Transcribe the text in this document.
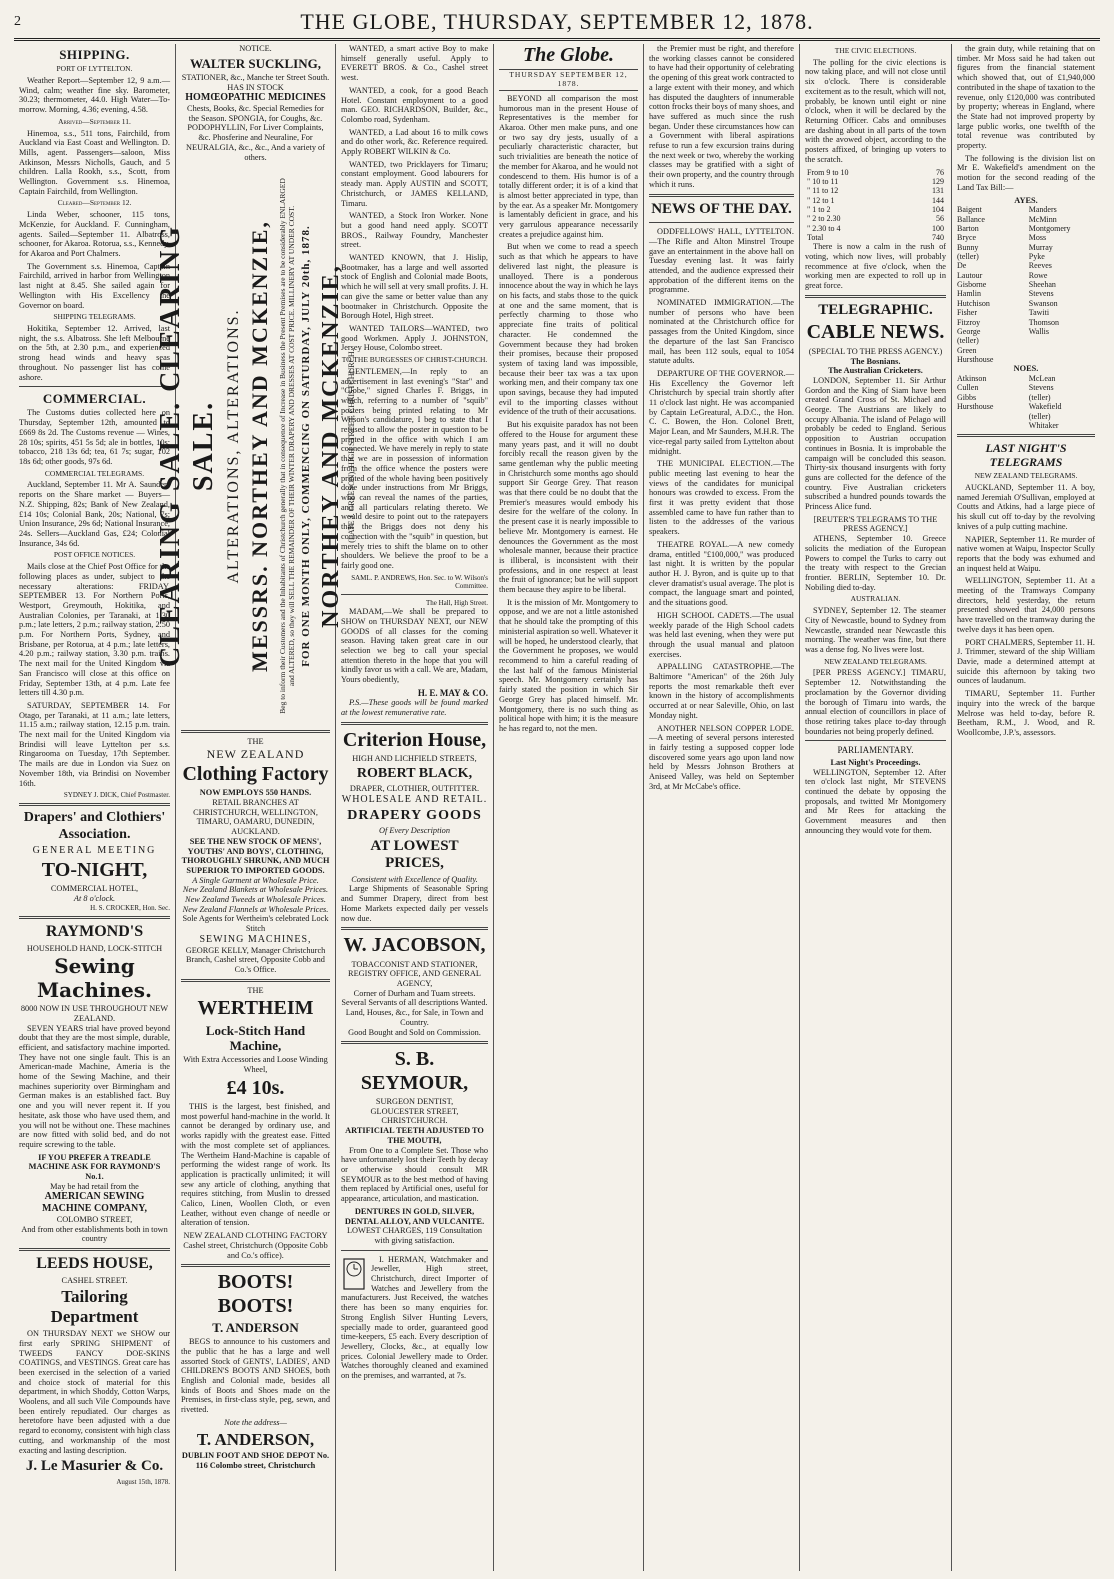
2	THE GLOBE, THURSDAY, SEPTEMBER 12, 1878.
SHIPPING.
PORT OF LYTTELTON.
Weather Report—September 12, 9 a.m.—Wind, calm; weather fine sky. Barometer, 30.23; thermometer, 44.0. High Water—To-morrow. Morning, 4.36; evening, 4.58.
Arrived—September 11.
Hinemoa, s.s., 511 tons, Fairchild, from Auckland via East Coast and Wellington. D. Mills, agent. Passengers—saloon, Miss Atkinson, Messrs Nicholls, Gauch, and 5 children. Lalla Rookh, s.s., Scott, from Wellington. Government s.s. Hinemoa, Captain Fairchild, from Wellington.
Cleared—September 12.
Linda Weber, schooner, 115 tons, McKenzie, for Auckland. F. Cunningham, agents. Sailed—September 11. Albatross, schooner, for Akaroa. Rotorua, s.s., Kennedy, for Akaroa and Port Chalmers.
The Government s.s. Hinemoa, Captain Fairchild, arrived in harbor from Wellington last night at 8.45. She sailed again for Wellington with His Excellency the Governor on board.
SHIPPING TELEGRAMS.
Hokitika, September 12. Arrived, last night, the s.s. Albatross. She left Melbourne on the 5th, at 2.30 p.m., and experienced strong head winds and heavy seas throughout. No passenger list has come ashore.
COMMERCIAL.
The Customs duties collected here on Thursday, September 12th, amounted to £669 8s 2d. The Customs revenue — Wines, 28 10s; spirits, 451 5s 5d; ale in bottles, 10s; tobacco, 218 13s 6d; tea, 61 7s; sugar, 102 18s 6d; other goods, 97s 6d.
COMMERCIAL TELEGRAMS.
Auckland, September 11. Mr A. Saunders reports on the Share market — Buyers—N.Z. Shipping, 82s; Bank of New Zealand, £14 10s; Colonial Bank, 20s; National, 7s; Union Insurance, 29s 6d; National Insurance, 24s. Sellers—Auckland Gas, £24; Colonial Insurance, 34s 6d.
POST OFFICE NOTICES.
Mails close at the Chief Post Office for the following places as under, subject to the necessary alterations: FRIDAY, SEPTEMBER 13. For Northern Ports, Westport, Greymouth, Hokitika, and Australian Colonies, per Taranaki, at 1.30 p.m.; late letters, 2 p.m.; railway station, 2.50 p.m. For Northern Ports, Sydney, and Brisbane, per Rotorua, at 4 p.m.; late letters, 4.20 p.m.; railway station, 3.30 p.m. trains. The next mail for the United Kingdom via San Francisco will close at this office on Friday, September 13th, at 4 p.m. Late fee letters till 4.30 p.m.
SATURDAY, SEPTEMBER 14. For Otago, per Taranaki, at 11 a.m.; late letters, 11.15 a.m.; railway station, 12.15 p.m. train. The next mail for the United Kingdom via Brindisi will leave Lyttelton per s.s. Ringarooma on Tuesday, 17th September. The mails are due in London via Suez on November 18th, via Brindisi on November 16th.
SYDNEY J. DICK, Chief Postmaster.
Drapers' and Clothiers' Association.
GENERAL MEETING
TO-NIGHT,
COMMERCIAL HOTEL,
At 8 o'clock.
H. S. CROCKER, Hon. Sec.
RAYMOND'S
HOUSEHOLD HAND, LOCK-STITCH
Sewing Machines.
8000 NOW IN USE THROUGHOUT NEW ZEALAND.
SEVEN YEARS trial have proved beyond doubt that they are the most simple, durable, efficient, and satisfactory machine imported. They have not one single fault. This is an American-made Machine, Ameria is the home of the Sewing Machine, and their machines superiority over Birmingham and German makes is an established fact. Buy one and you will never repent it. If you hesitate, ask those who have used them, and you will not be without one. These machines are now fitted with solid bed, and do not require screwing to the table.
IF YOU PREFER A TREADLE MACHINE ASK FOR RAYMOND'S No.1.
May be had retail from the
AMERICAN SEWING MACHINE COMPANY,
COLOMBO STREET,
And from other establishments both in town country
LEEDS HOUSE,
CASHEL STREET.
Tailoring Department
ON THURSDAY NEXT we SHOW our first early SPRING SHIPMENT of TWEEDS FANCY DOE-SKINS COATINGS, and VESTINGS. Great care has been exercised in the selection of a varied and choice stock of material for this department, in which Shoddy, Cotton Warps, Woolens, and all such Vile Compounds have been entirely repudiated. Our charges as heretofore have been adjusted with a due regard to economy, consistent with high class cutting, and workmanship of the most exacting and lasting description.
J. Le Masurier & Co.
August 15th, 1878.
NOTICE.
WALTER SUCKLING,
STATIONER, &c., Manche ter Street South.
HAS IN STOCK
HOMŒOPATHIC MEDICINES
Chests, Books, &c. Special Remedies for the Season. SPONGIA, for Coughs, &c. PODOPHYLLIN, For Liver Complaints, &c. Phosferine and Neuraline, For NEURALGIA, &c., &c., And a variety of others.
CLEARING SALE. CLEARING SALE. ALTERATIONS, ALTERATIONS. MESSRS. NORTHEY AND MCKENZIE, Beg to inform their Customers and the Inhabitants of Christchurch generally that in consequence of Increase in Business the Present Premises are to be considerably ENLARGED and ALTERED, so they will SELL THE REMAINDER OF THEIR WINTER DRAPERY AND DRESSES AT COST PRICE. MILLINERY AT UNDER COST. FOR ONE MONTH ONLY, COMMENCING ON SATURDAY, JULY 20th, 1878. NORTHEY AND MCKENZIE, (LATE J. GREESON), HIGH STREET, CHRISTCHURCH.
THE
NEW ZEALAND
Clothing Factory
NOW EMPLOYS 550 HANDS.
RETAIL BRANCHES AT CHRISTCHURCH, WELLINGTON, TIMARU, OAMARU, DUNEDIN, AUCKLAND.
SEE THE NEW STOCK OF MENS', YOUTHS' AND BOYS', CLOTHING, THOROUGHLY SHRUNK, AND MUCH SUPERIOR TO IMPORTED GOODS.
A Single Garment at Wholesale Price.
New Zealand Blankets at Wholesale Prices. New Zealand Tweeds at Wholesale Prices. New Zealand Flannels at Wholesale Prices.
Sole Agents for Wertheim's celebrated Lock Stitch
SEWING MACHINES,
GEORGE KELLY, Manager Christchurch Branch, Cashel street, Opposite Cobb and Co.'s Office.
THE
WERTHEIM
Lock-Stitch Hand Machine,
With Extra Accessories and Loose Winding Wheel,
£4 10s.
THIS is the largest, best finished, and most powerful hand-machine in the world. It cannot be deranged by ordinary use, and works rapidly with the greatest ease. Fitted with the most complete set of appliances. The Wertheim Hand-Machine is capable of performing the widest range of work. Its application is practically unlimited; it will sew any article of clothing, anything that requires stitching, from Muslin to dressed Calico, Linen, Woollen Cloth, or even Leather, without even change of needle or alteration of tension.
NEW ZEALAND CLOTHING FACTORY
Cashel street, Christchurch (Opposite Cobb and Co.'s office).
BOOTS! BOOTS!
T. ANDERSON
BEGS to announce to his customers and the public that he has a large and well assorted Stock of GENTS', LADIES', AND CHILDREN'S BOOTS AND SHOES, both English and Colonial made, besides all kinds of Boots and Shoes made on the Premises, in first-class style, peg, sewn, and rivetted.
Note the address—
T. ANDERSON,
DUBLIN FOOT AND SHOE DEPOT No. 116 Colombo street, Christchurch
WANTED, a smart active Boy to make himself generally useful. Apply to EVERETT BROS. & Co., Cashel street west.
WANTED, a cook, for a good Beach Hotel. Constant employment to a good man. GEO. RICHARDSON, Builder, &c., Colombo road, Sydenham.
WANTED, a Lad about 16 to milk cows and do other work, &c. Reference required. Apply ROBERT WILKIN & Co.
WANTED, two Pricklayers for Timaru; constant employment. Good labourers for steady man. Apply AUSTIN and SCOTT, Christchurch, or JAMES KELLAND, Timaru.
WANTED, a Stock Iron Worker. None but a good hand need apply. SCOTT BROS., Railway Foundry, Manchester street.
WANTED KNOWN, that J. Hislip, Bootmaker, has a large and well assorted stock of English and Colonial made Boots, which he will sell at very small profits. J. H. can give the same or better value than any bootmaker in Christchurch. Opposite the Borough Hotel, High street.
WANTED TAILORS—WANTED, two good Workmen. Apply J. JOHNSTON, Jersey House, Colombo street.
TO THE BURGESSES OF CHRIST-CHURCH.
GENTLEMEN,—In reply to an advertisement in last evening's "Star" and "Globe," signed Charles F. Briggs, in which, referring to a number of "squib" posters being printed relating to Mr Wilson's candidature, I beg to state that I refused to allow the poster in question to be printed in the office with which I am connected. We have merely in reply to state that we are in possession of information from the office whence the posters were printed of the whole having been positively done under instructions from Mr Briggs, who can reveal the names of the parties, and all particulars relating thereto. We would desire to point out to the ratepayers that the Briggs does not deny his connection with the "squib" in question, but merely tries to shift the blame on to other shoulders. We believe the proof to be a fairly good one.
SAML. P. ANDREWS, Hon. Sec. to W. Wilson's Committee.
The Hall, High Street.
MADAM,—We shall be prepared to SHOW on THURSDAY NEXT, our NEW GOODS of all classes for the coming season. Having taken great care in our selection we beg to call your special attention thereto in the hope that you will kindly favor us with a call. We are, Madam, Yours obediently,
H. E. MAY & CO.
P.S.—These goods will be found marked at the lowest remunerative rate.
Criterion House,
HIGH AND LICHFIELD STREETS,
ROBERT BLACK,
DRAPER, CLOTHIER, OUTFITTER.
WHOLESALE AND RETAIL.
DRAPERY GOODS
Of Every Description
AT LOWEST PRICES,
Consistent with Excellence of Quality.
Large Shipments of Seasonable Spring and Summer Drapery, direct from best Home Markets expected daily per vessels now due.
W. JACOBSON,
TOBACCONIST AND STATIONER, REGISTRY OFFICE, AND GENERAL AGENCY,
Corner of Durham and Tuam streets.
Several Servants of all descriptions Wanted.
Land, Houses, &c., for Sale, in Town and Country.
Good Bought and Sold on Commission.
S. B. SEYMOUR,
SURGEON DENTIST,
GLOUCESTER STREET, CHRISTCHURCH.
ARTIFICIAL TEETH ADJUSTED TO THE MOUTH,
From One to a Complete Set. Those who have unfortunately lost their Teeth by decay or otherwise should consult MR SEYMOUR as to the best method of having them replaced by Artificial ones, useful for appearance, articulation, and mastication.
DENTURES IN GOLD, SILVER, DENTAL ALLOY, AND VULCANITE.
LOWEST CHARGES, 119 Consultation with giving satisfaction.
I. HERMAN, Watchmaker and Jeweller, High street, Christchurch, direct Importer of Watches and Jewellery from the manufacturers. Just Received, the watches there has been so many enquiries for. Strong English Silver Hunting Levers, specially made to order, guaranteed good time-keepers, £5 each. Every description of Jewellery, Clocks, &c., at equally low prices. Colonial Jewellery made to Order. Watches thoroughly cleaned and examined on the premises, and warranted, at 7s.
The Globe.
THURSDAY SEPTEMBER 12, 1878.
BEYOND all comparison the most humorous man in the present House of Representatives is the member for Akaroa. Other men make puns, and one or two say dry jests, usually of a peculiarly characteristic character, but such trivialities are beneath the notice of the member for Akaroa, and he would not condescend to them. His humor is of a totally different order; it is of a kind that is almost better appreciated in type, than by the ear. As a speaker Mr. Montgomery is lamentably deficient in grace, and his very garrulous appearance necessarily creates a prejudice against him.
But when we come to read a speech such as that which he appears to have delivered last night, the pleasure is unalloyed. There is a ponderous innocence about the way in which he lays on his facts, and stabs those to the quick at one and the same moment, that is perfectly charming to those who appreciate fine traits of political character. He condemned the Government because they had broken their promises, because their proposed system of taxing land was impossible, because their beer tax was a tax upon working men, and their company tax one upon savings, because they had imputed evil to the importing classes without evidence of the truth of their accusations.
But his exquisite paradox has not been offered to the House for argument these many years past, and it will no doubt forcibly recall the reason given by the same gentleman why the public meeting in Christchurch some months ago should support Sir George Grey. That reason was that there could be no doubt that the Premier's measures would embody his desire for the welfare of the colony. In the present case it is nearly impossible to believe Mr. Montgomery is earnest. He denounces the Government as the most wholesale manner, because their practice is illiberal, is inconsistent with their professions, and in one respect at least the fruit of ignorance; but he will support them because they aspire to be liberal.
It is the mission of Mr. Montgomery to oppose, and we are not a little astonished that he should take the prompting of this ministerial aspiration so well. Whatever it will be hoped, he understood clearly, that the Government he proposes, we would recommend to him a careful reading of the last half of the famous Ministerial speech. Mr. Montgomery certainly has fairly stated the position in which Sir George Grey has placed himself. Mr. Montgomery, there is no such thing as political hope with him; it is the measure he has regard to, not the men.
the Premier must be right, and therefore the working classes cannot be considered to have had their opportunity of celebrating the opening of this great work contracted to a large extent with their money, and which has disputed the daughters of innumerable cotton frocks their boys of many shoes, and have suffered as much since the rush began. Under these circumstances how can a Government with liberal aspirations refuse to run a few excursion trains during the next week or two, whereby the working classes may be gratified with a sight of their own property, and the country through which it runs.
NEWS OF THE DAY.
ODDFELLOWS' HALL, LYTTELTON.—The Rifle and Alton Minstrel Troupe gave an entertainment in the above hall on Tuesday evening last. It was fairly attended, and the audience expressed their approbation of the different items on the programme.
NOMINATED IMMIGRATION.—The number of persons who have been nominated at the Christchurch office for passages from the United Kingdom, since the departure of the last San Francisco mail, has been 112 souls, equal to 1054 statute adults.
DEPARTURE OF THE GOVERNOR.—His Excellency the Governor left Christchurch by special train shortly after 11 o'clock last night. He was accompanied by Captain LeGreatural, A.D.C., the Hon. C. C. Bowen, the Hon. Colonel Brett, Major Lean, and Mr Saunders, M.H.R. The vice-regal party sailed from Lyttelton about midnight.
THE MUNICIPAL ELECTION.—The public meeting last evening to hear the views of the candidates for municipal honours was crowded to excess. From the first it was pretty evident that those assembled came to have fun rather than to listen to the addresses of the various speakers.
THEATRE ROYAL.—A new comedy drama, entitled "£100,000," was produced last night. It is written by the popular author H. J. Byron, and is quite up to that clever dramatist's usual average. The plot is compact, the language smart and pointed, and the situations good.
HIGH SCHOOL CADETS.—The usual weekly parade of the High School cadets was held last evening, when they were put through the usual manual and platoon exercises.
APPALLING CATASTROPHE.—The Baltimore "American" of the 26th July reports the most remarkable theft ever known in the history of accomplishments occurred at or near Saleville, Ohio, on last Monday night.
ANOTHER NELSON COPPER LODE.—A meeting of several persons interested in fairly testing a supposed copper lode discovered some years ago upon land now held by Messrs Johnson Brothers at Aniseed Valley, was held on September 3rd, at Mr McCabe's office.
THE CIVIC ELECTIONS.
The polling for the civic elections is now taking place, and will not close until six o'clock. There is considerable excitement as to the result, which will not, probably, be known until eight or nine o'clock, when it will be declared by the Returning Officer. Cabs and omnibuses are dashing about in all parts of the town with the avowed object, according to the posters affixed, of bringing up voters to the scratch.
From 9 to 10	76
" 10 to 11	129
" 11 to 12	131
" 12 to 1	144
" 1 to 2	104
" 2 to 2.30	56
" 2.30 to 4	100
Total	740
There is now a calm in the rush of voting, which now lives, will probably recommence at five o'clock, when the working men are expected to roll up in great force.
TELEGRAPHIC.
CABLE NEWS.
(SPECIAL TO THE PRESS AGENCY.)
The Bosnians.
The Australian Cricketers.
LONDON, September 11. Sir Arthur Gordon and the King of Siam have been created Grand Cross of St. Michael and George. The Austrians are likely to occupy Albania. The island of Pelago will probably be ceded to England. Serious opposition to Austrian occupation continues in Bosnia. It is improbable the campaign will be concluded this season. Thirty-six thousand insurgents with forty guns are collected for the defence of the country. Five Australian cricketers subscribed a hundred pounds towards the Princess Alice fund.
[REUTER'S TELEGRAMS TO THE PRESS AGENCY.]
ATHENS, September 10. Greece solicits the mediation of the European Powers to compel the Turks to carry out the treaty with respect to the Grecian frontier. BERLIN, September 10. Dr. Nobiling died to-day.
AUSTRALIAN.
SYDNEY, September 12. The steamer City of Newcastle, bound to Sydney from Newcastle, stranded near Newcastle this morning. The weather was fine, but there was a dense fog. No lives were lost.
NEW ZEALAND TELEGRAMS.
[PER PRESS AGENCY.] TIMARU, September 12. Notwithstanding the proclamation by the Governor dividing the borough of Timaru into wards, the annual election of councillors in place of those retiring takes place to-day through boundaries not being properly defined.
PARLIAMENTARY.
Last Night's Proceedings.
WELLINGTON, September 12. After ten o'clock last night, Mr STEVENS continued the debate by opposing the proposals, and twitted Mr Montgomery and Mr Rees for attacking the Government measures and then announcing they would vote for them.
the grain duty, while retaining that on timber. Mr Moss said he had taken out figures from the financial statement which showed that, out of £1,940,000 contributed in the shape of taxation to the revenue, only £120,000 was contributed by property; whereas in England, where the State had not improved property by large public works, one twelfth of the total revenue was contributed by property.
The following is the division list on Mr E. Wakefield's amendment on the motion for the second reading of the Land Tax Bill:—
AYES.
Baigent
Ballance
Barton
Bryce
Bunny (teller)
De Lautour
Gisborne
Hamlin
Hutchison
Fisher
Fitzroy
George (teller)
Green
Hursthouse
Manders
McMinn
Montgomery
Moss
Murray
Pyke
Reeves
Rowe
Sheehan
Stevens
Swanson
Tawiti
Thomson
Wallis
NOES.
Atkinson
Cullen
Gibbs
Hursthouse
McLean
Stevens (teller)
Wakefield (teller)
Whitaker
LAST NIGHT'S TELEGRAMS
NEW ZEALAND TELEGRAMS.
AUCKLAND, September 11. A boy, named Jeremiah O'Sullivan, employed at Coutts and Atkins, had a large piece of his skull cut off to-day by the revolving knives of a pulp cutting machine.
NAPIER, September 11. Re murder of native women at Waipu, Inspector Scully reports that the body was exhumed and an inquest held at Waipu.
WELLINGTON, September 11. At a meeting of the Tramways Company directors, held yesterday, the return presented showed that 24,000 persons have travelled on the tramway during the twelve days it has been open.
PORT CHALMERS, September 11. H. J. Trimmer, steward of the ship William Davie, made a determined attempt at suicide this afternoon by taking two ounces of laudanum.
TIMARU, September 11. Further inquiry into the wreck of the barque Melrose was held to-day, before R. Beetham, R.M., J. Wood, and R. Woollcombe, J.P.'s, assessors.
